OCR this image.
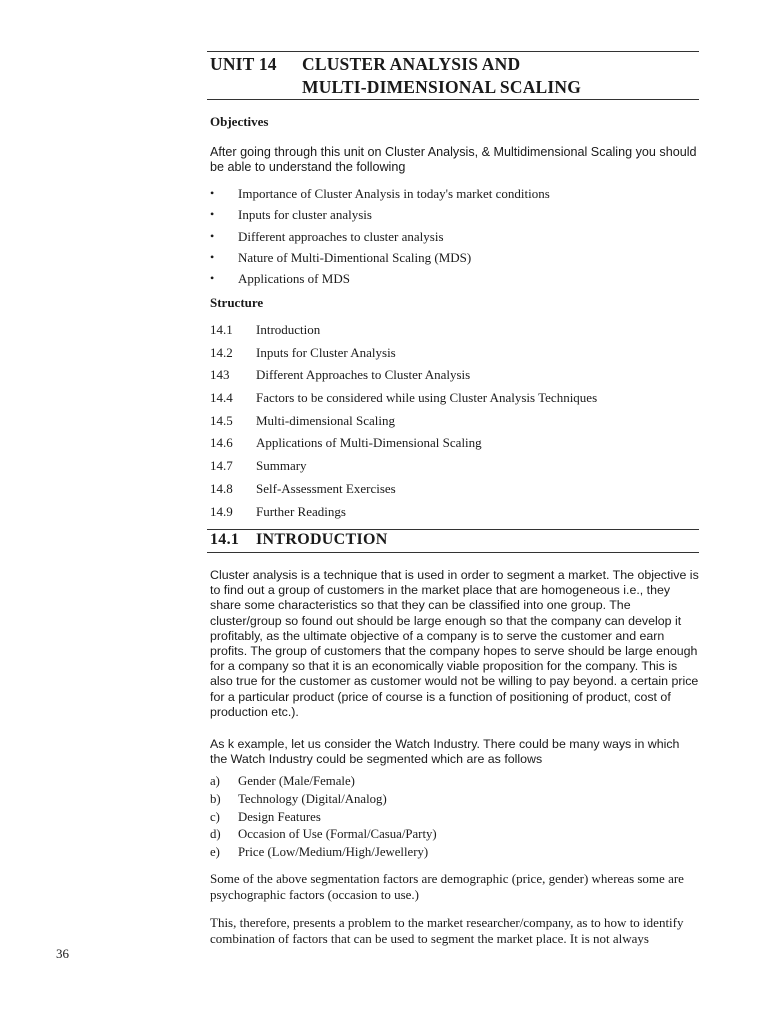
UNIT 14 CLUSTER ANALYSIS AND
MULTI-DIMENSIONAL SCALING
Objectives
After going through this unit on Cluster Analysis, & Multidimensional Scaling you should be able to understand the following
• Importance of Cluster Analysis in today's market conditions
• Inputs for cluster analysis
• Different approaches to cluster analysis
• Nature of Multi-Dimentional Scaling (MDS)
• Applications of MDS
Structure
14.1 Introduction
14.2 Inputs for Cluster Analysis
143 Different Approaches to Cluster Analysis
14.4 Factors to be considered while using Cluster Analysis Techniques
14.5 Multi-dimensional Scaling
14.6 Applications of Multi-Dimensional Scaling
14.7 Summary
14.8 Self-Assessment Exercises
14.9 Further Readings
14.1 INTRODUCTION
Cluster analysis is a technique that is used in order to segment a market. The objective is to find out a group of customers in the market place that are homogeneous i.e., they share some characteristics so that they can be classified into one group. The cluster/group so found out should be large enough so that the company can develop it profitably, as the ultimate objective of a company is to serve the customer and earn profits. The group of customers that the company hopes to serve should be large enough for a company so that it is an economically viable proposition for the company. This is also true for the customer as customer would not be willing to pay beyond. a certain price for a particular product (price of course is a function of positioning of product, cost of production etc.).
As k example, let us consider the Watch Industry. There could be many ways in which the Watch Industry could be segmented which are as follows
a) Gender (Male/Female)
b) Technology (Digital/Analog)
c) Design Features
d) Occasion of Use (Formal/Casua/Party)
e) Price (Low/Medium/High/Jewellery)
Some of the above segmentation factors are demographic (price, gender) whereas some are psychographic factors (occasion to use.)
This, therefore, presents a problem to the market researcher/company, as to how to identify combination of factors that can be used to segment the market place. It is not always
36
